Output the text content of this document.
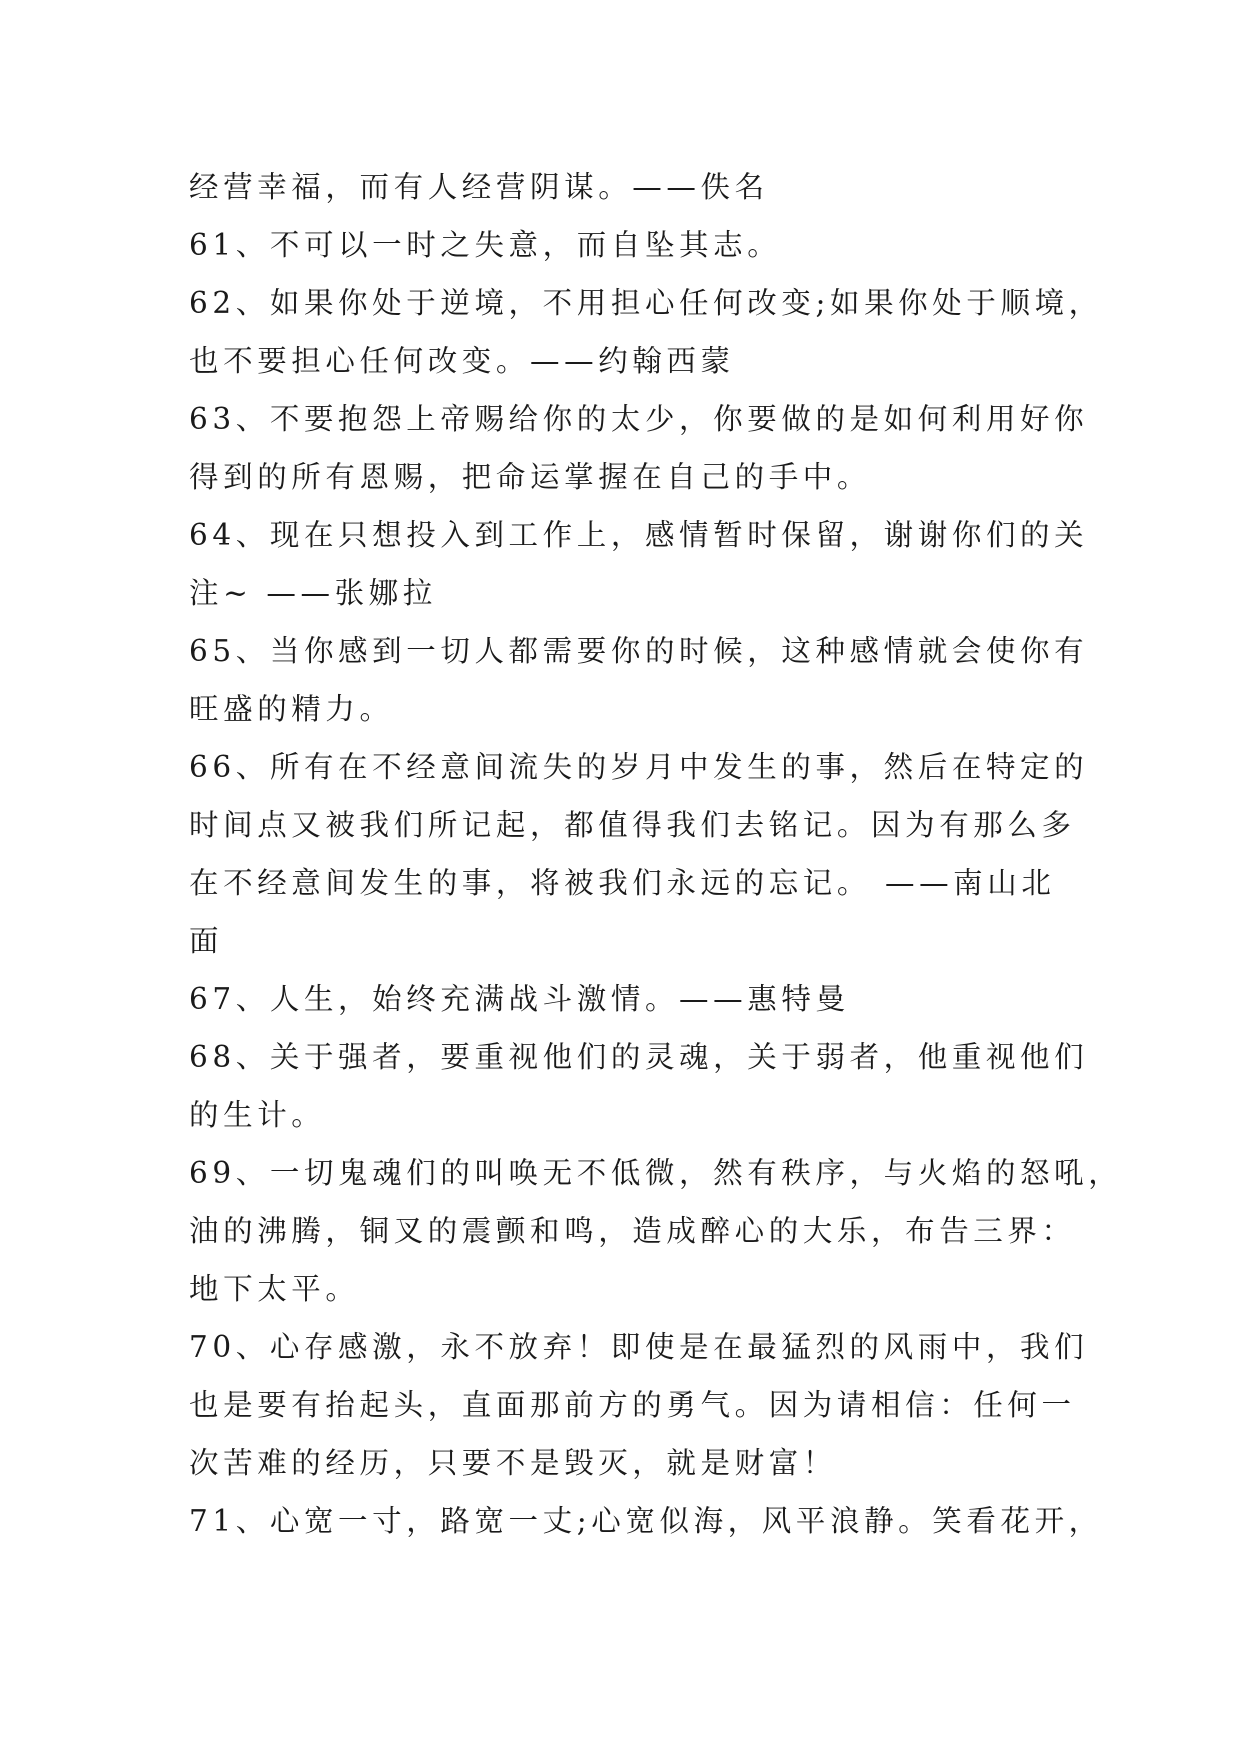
经营幸福，而有人经营阴谋。——佚名
61、不可以一时之失意，而自坠其志。
62、如果你处于逆境，不用担心任何改变;如果你处于顺境，
也不要担心任何改变。——约翰西蒙
63、不要抱怨上帝赐给你的太少，你要做的是如何利用好你
得到的所有恩赐，把命运掌握在自己的手中。
64、现在只想投入到工作上，感情暂时保留，谢谢你们的关
注~ ——张娜拉
65、当你感到一切人都需要你的时候，这种感情就会使你有
旺盛的精力。
66、所有在不经意间流失的岁月中发生的事，然后在特定的
时间点又被我们所记起，都值得我们去铭记。因为有那么多
在不经意间发生的事，将被我们永远的忘记。 ——南山北
面
67、人生，始终充满战斗激情。——惠特曼
68、关于强者，要重视他们的灵魂，关于弱者，他重视他们
的生计。
69、一切鬼魂们的叫唤无不低微，然有秩序，与火焰的怒吼，
油的沸腾，铜叉的震颤和鸣，造成醉心的大乐，布告三界：
地下太平。
70、心存感激，永不放弃！即使是在最猛烈的风雨中，我们
也是要有抬起头，直面那前方的勇气。因为请相信：任何一
次苦难的经历，只要不是毁灭，就是财富！
71、心宽一寸，路宽一丈;心宽似海，风平浪静。笑看花开，
